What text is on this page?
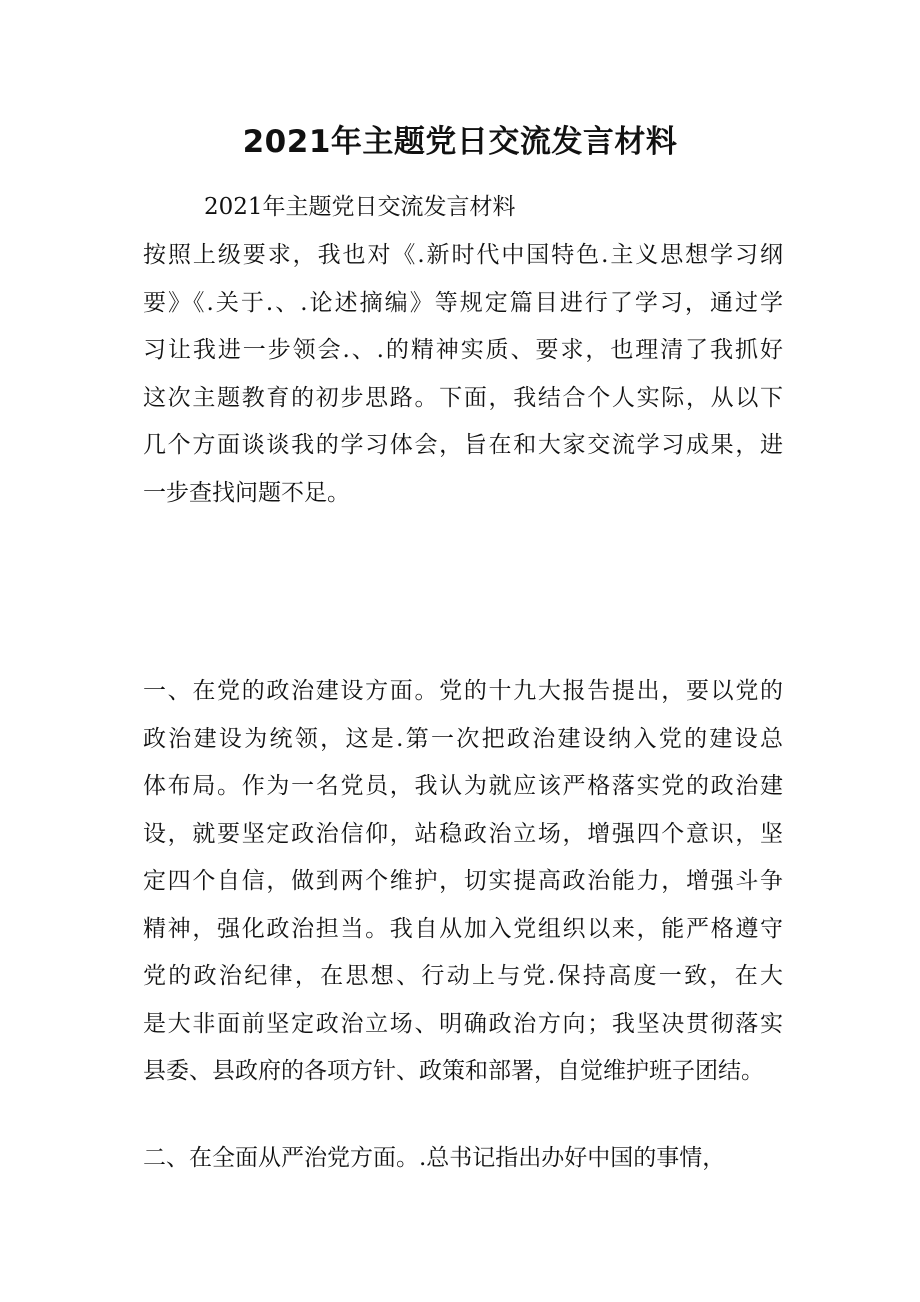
2021年主题党日交流发言材料

2021年主题党日交流发言材料

按照上级要求，我也对《.新时代中国特色.主义思想学习纲
要》《.关于.、.论述摘编》等规定篇目进行了学习，通过学
习让我进一步领会.、.的精神实质、要求，也理清了我抓好
这次主题教育的初步思路。下面，我结合个人实际，从以下
几个方面谈谈我的学习体会，旨在和大家交流学习成果，进
一步查找问题不足。

一、在党的政治建设方面。党的十九大报告提出，要以党的
政治建设为统领，这是.第一次把政治建设纳入党的建设总
体布局。作为一名党员，我认为就应该严格落实党的政治建
设，就要坚定政治信仰，站稳政治立场，增强四个意识，坚
定四个自信，做到两个维护，切实提高政治能力，增强斗争
精神，强化政治担当。我自从加入党组织以来，能严格遵守
党的政治纪律，在思想、行动上与党.保持高度一致，在大
是大非面前坚定政治立场、明确政治方向；我坚决贯彻落实
县委、县政府的各项方针、政策和部署，自觉维护班子团结。

二、在全面从严治党方面。.总书记指出办好中国的事情，
